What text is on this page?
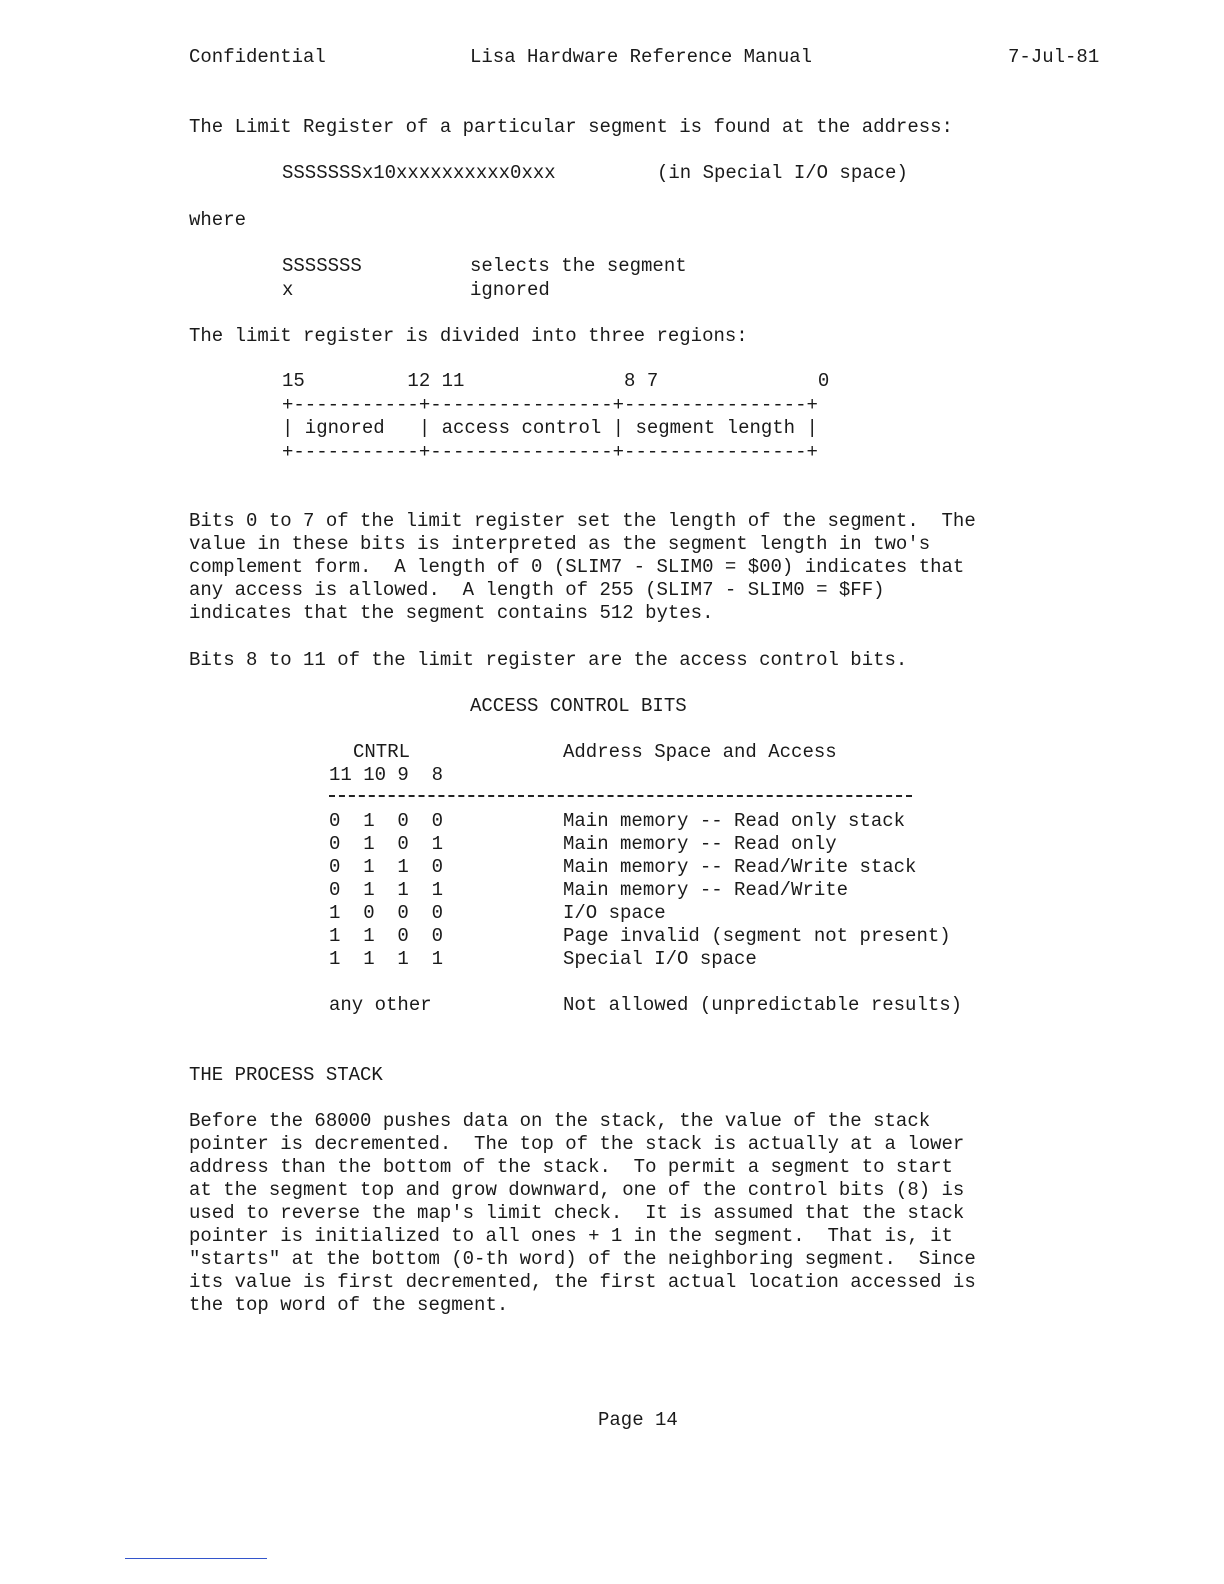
Confidential	Lisa Hardware Reference Manual	7-Jul-81
The Limit Register of a particular segment is found at the address:
SSSSSSSx10xxxxxxxxxx0xxx	(in Special I/O space)
where
SSSSSSS	selects the segment
x	ignored
The limit register is divided into three regions:
15         12 11              8 7              0
+-----------+----------------+----------------+
| ignored   | access control | segment length |
+-----------+----------------+----------------+
Bits 0 to 7 of the limit register set the length of the segment.  The
value in these bits is interpreted as the segment length in two's
complement form.  A length of 0 (SLIM7 - SLIM0 = $00) indicates that
any access is allowed.  A length of 255 (SLIM7 - SLIM0 = $FF)
indicates that the segment contains 512 bytes.
Bits 8 to 11 of the limit register are the access control bits.
ACCESS CONTROL BITS
CNTRL	Address Space and Access
11 10 9  8
0  1  0  0	Main memory -- Read only stack
0  1  0  1	Main memory -- Read only
0  1  1  0	Main memory -- Read/Write stack
0  1  1  1	Main memory -- Read/Write
1  0  0  0	I/O space
1  1  0  0	Page invalid (segment not present)
1  1  1  1	Special I/O space
any other	Not allowed (unpredictable results)
THE PROCESS STACK
Before the 68000 pushes data on the stack, the value of the stack
pointer is decremented.  The top of the stack is actually at a lower
address than the bottom of the stack.  To permit a segment to start
at the segment top and grow downward, one of the control bits (8) is
used to reverse the map's limit check.  It is assumed that the stack
pointer is initialized to all ones + 1 in the segment.  That is, it
"starts" at the bottom (0-th word) of the neighboring segment.  Since
its value is first decremented, the first actual location accessed is
the top word of the segment.
Page 14
